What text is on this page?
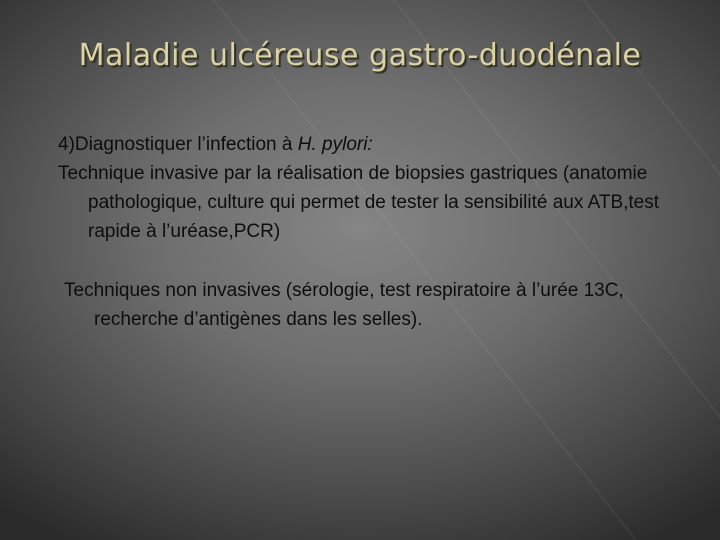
Maladie ulcéreuse gastro-duodénale

4)Diagnostiquer l’infection à H. pylori:

Technique invasive par la réalisation de biopsies gastriques (anatomie pathologique, culture qui permet de tester la sensibilité aux ATB,test rapide à l’uréase,PCR)

Techniques non invasives (sérologie, test respiratoire à l’urée 13C, recherche d’antigènes dans les selles).
